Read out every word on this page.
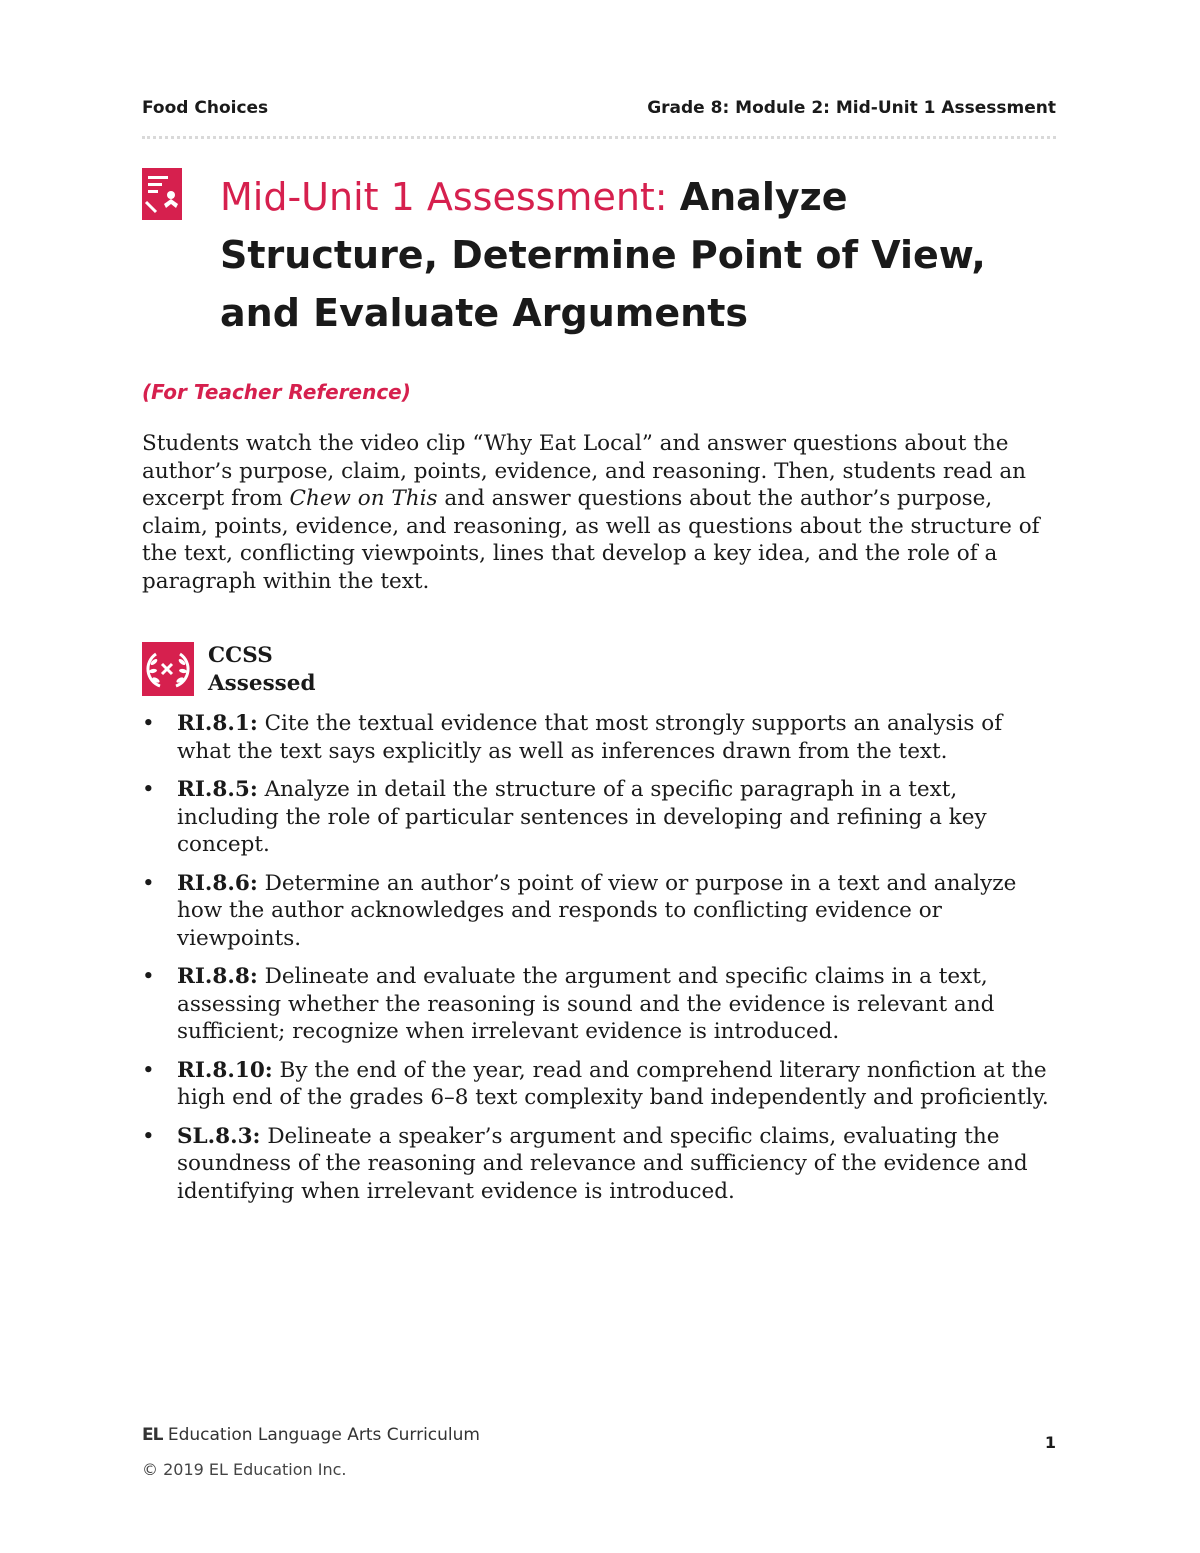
Food Choices	Grade 8: Module 2: Mid-Unit 1 Assessment
Mid-Unit 1 Assessment: Analyze Structure, Determine Point of View, and Evaluate Arguments
(For Teacher Reference)

Students watch the video clip “Why Eat Local” and answer questions about the author’s purpose, claim, points, evidence, and reasoning. Then, students read an excerpt from Chew on This and answer questions about the author’s purpose, claim, points, evidence, and reasoning, as well as questions about the structure of the text, conflicting viewpoints, lines that develop a key idea, and the role of a paragraph within the text.

CCSS
Assessed
• RI.8.1: Cite the textual evidence that most strongly supports an analysis of what the text says explicitly as well as inferences drawn from the text.
• RI.8.5: Analyze in detail the structure of a specific paragraph in a text, including the role of particular sentences in developing and refining a key concept.
• RI.8.6: Determine an author’s point of view or purpose in a text and analyze how the author acknowledges and responds to conflicting evidence or viewpoints.
• RI.8.8: Delineate and evaluate the argument and specific claims in a text, assessing whether the reasoning is sound and the evidence is relevant and sufficient; recognize when irrelevant evidence is introduced.
• RI.8.10: By the end of the year, read and comprehend literary nonfiction at the high end of the grades 6–8 text complexity band independently and proficiently.
• SL.8.3: Delineate a speaker’s argument and specific claims, evaluating the soundness of the reasoning and relevance and sufficiency of the evidence and identifying when irrelevant evidence is introduced.
EL Education Language Arts Curriculum
© 2019 EL Education Inc.
1
